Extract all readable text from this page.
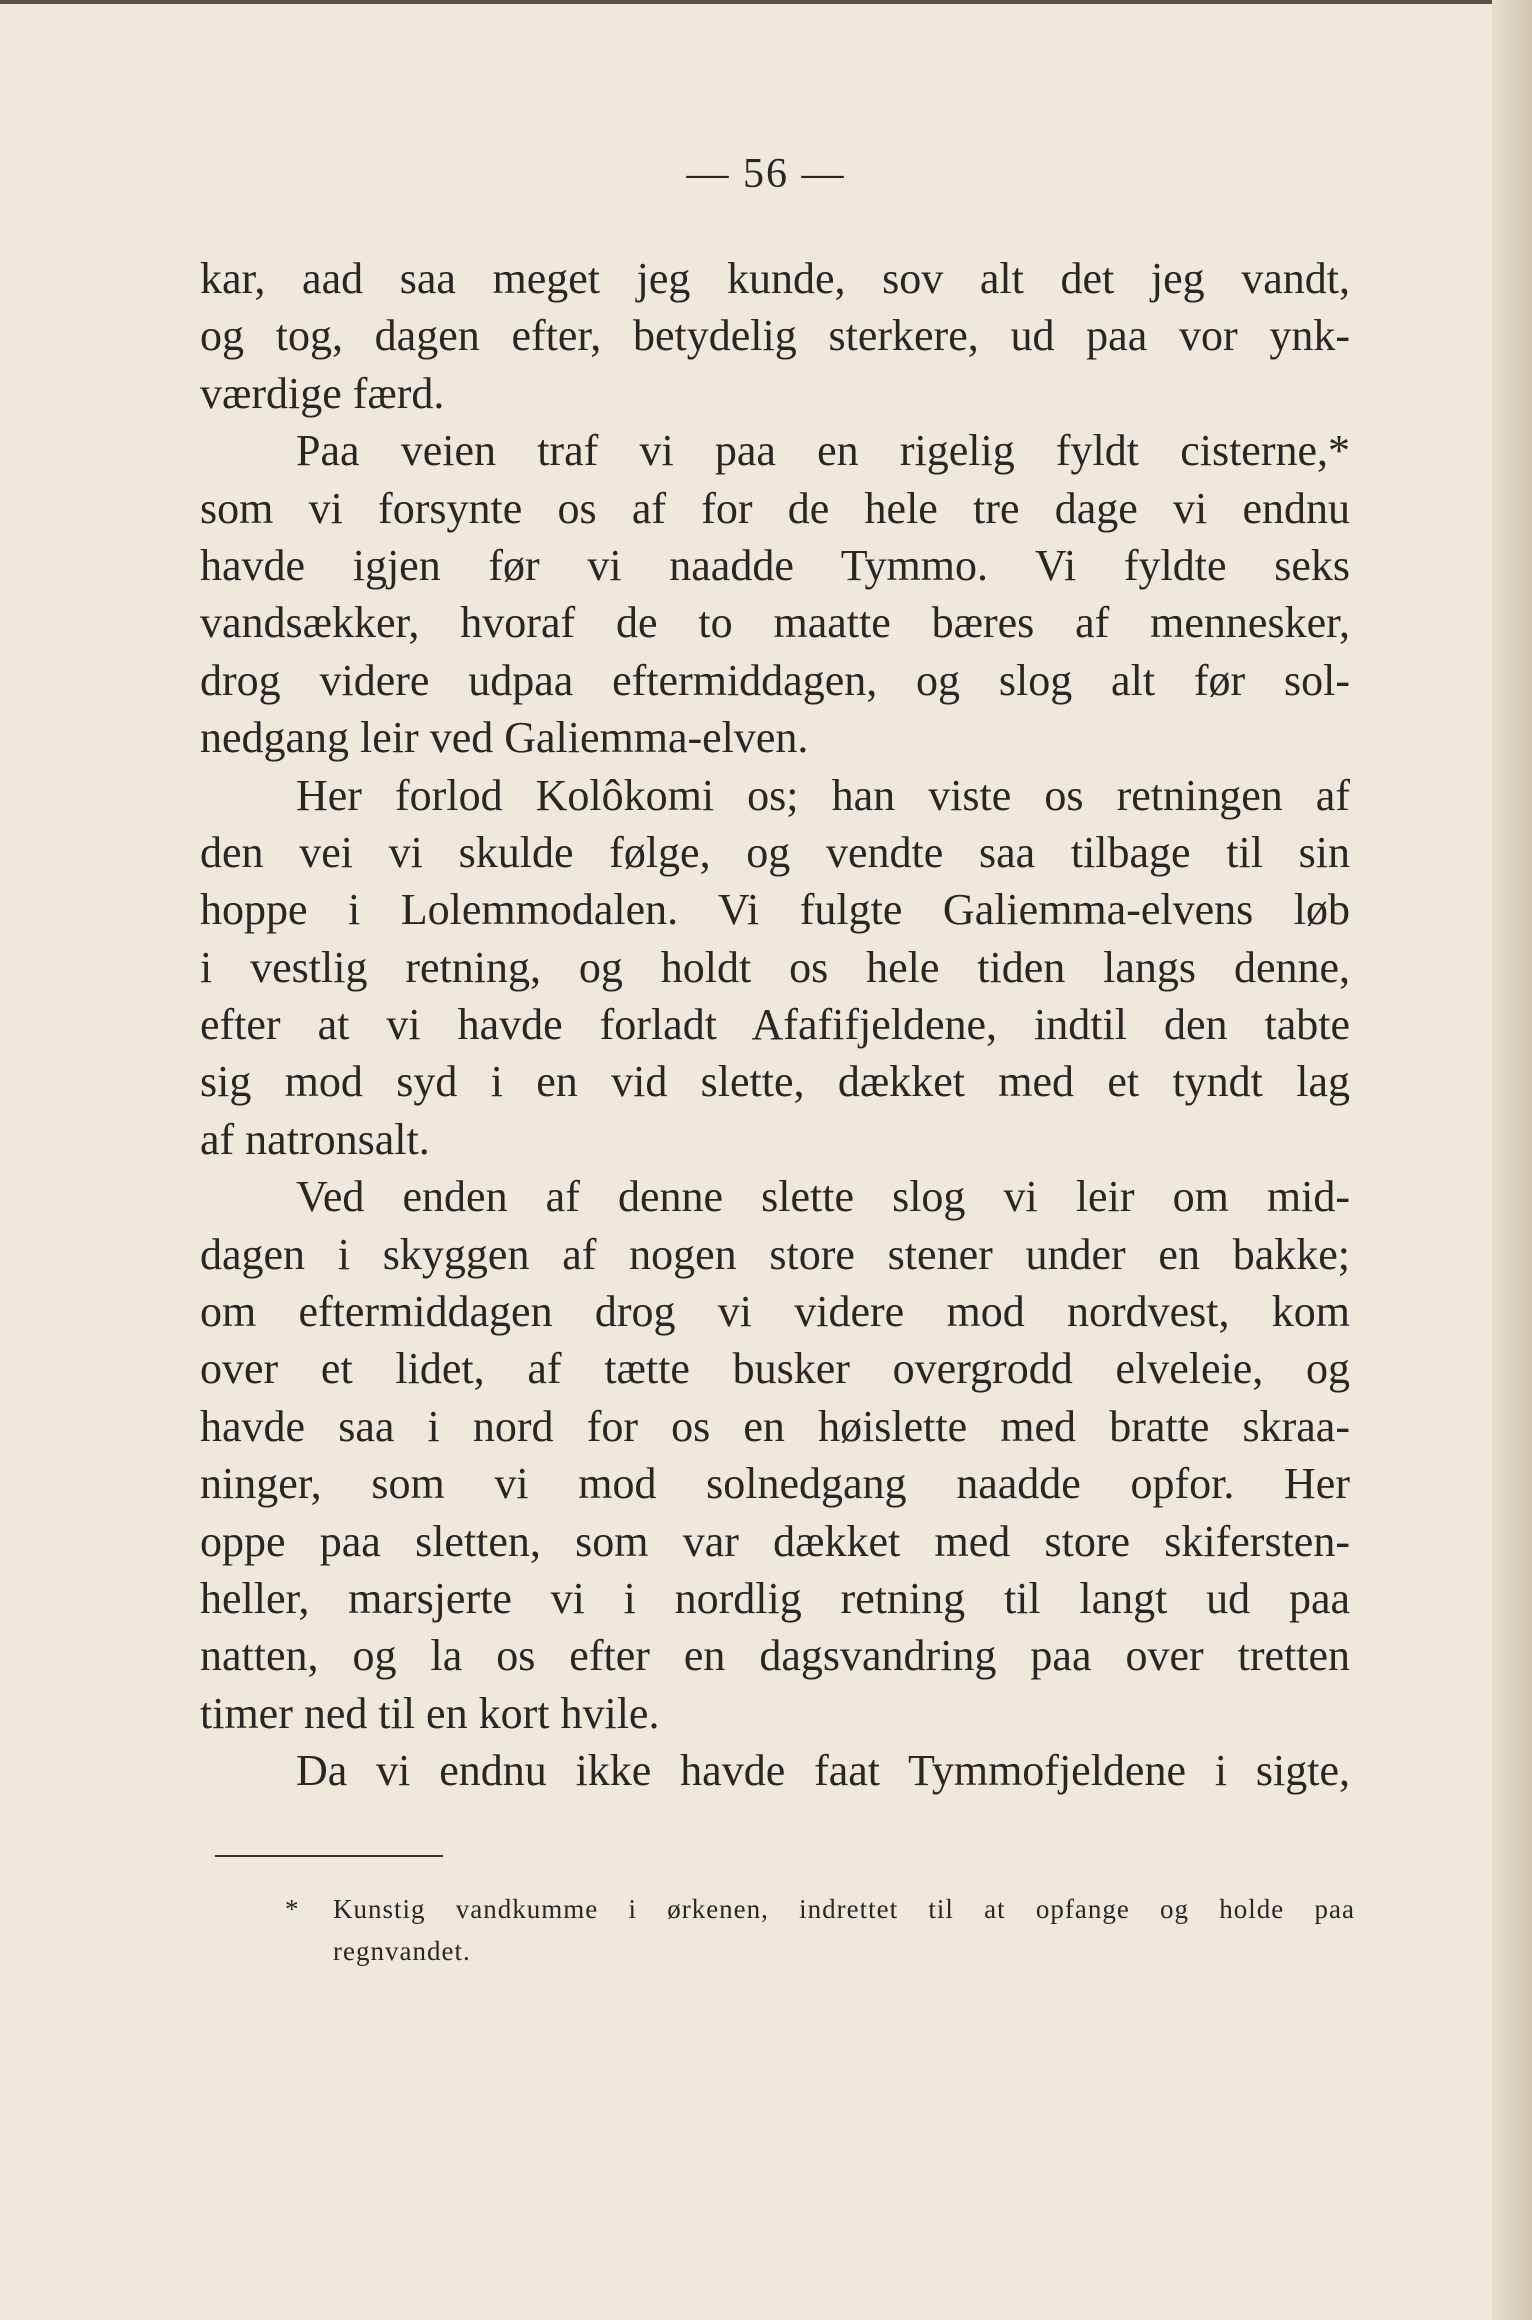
— 56 —
kar, aad saa meget jeg kunde, sov alt det jeg vandt,
og tog, dagen efter, betydelig sterkere, ud paa vor ynk-
værdige færd.
Paa veien traf vi paa en rigelig fyldt cisterne,*
som vi forsynte os af for de hele tre dage vi endnu
havde igjen før vi naadde Tymmo. Vi fyldte seks
vandsækker, hvoraf de to maatte bæres af mennesker,
drog videre udpaa eftermiddagen, og slog alt før sol-
nedgang leir ved Galiemma-elven.
Her forlod Kolôkomi os; han viste os retningen af
den vei vi skulde følge, og vendte saa tilbage til sin
hoppe i Lolemmodalen. Vi fulgte Galiemma-elvens løb
i vestlig retning, og holdt os hele tiden langs denne,
efter at vi havde forladt Afafifjeldene, indtil den tabte
sig mod syd i en vid slette, dækket med et tyndt lag
af natronsalt.
Ved enden af denne slette slog vi leir om mid-
dagen i skyggen af nogen store stener under en bakke;
om eftermiddagen drog vi videre mod nordvest, kom
over et lidet, af tætte busker overgrodd elveleie, og
havde saa i nord for os en høislette med bratte skraa-
ninger, som vi mod solnedgang naadde opfor. Her
oppe paa sletten, som var dækket med store skifersten-
heller, marsjerte vi i nordlig retning til langt ud paa
natten, og la os efter en dagsvandring paa over tretten
timer ned til en kort hvile.
Da vi endnu ikke havde faat Tymmofjeldene i sigte,
* Kunstig vandkumme i ørkenen, indrettet til at opfange og holde paa
regnvandet.
